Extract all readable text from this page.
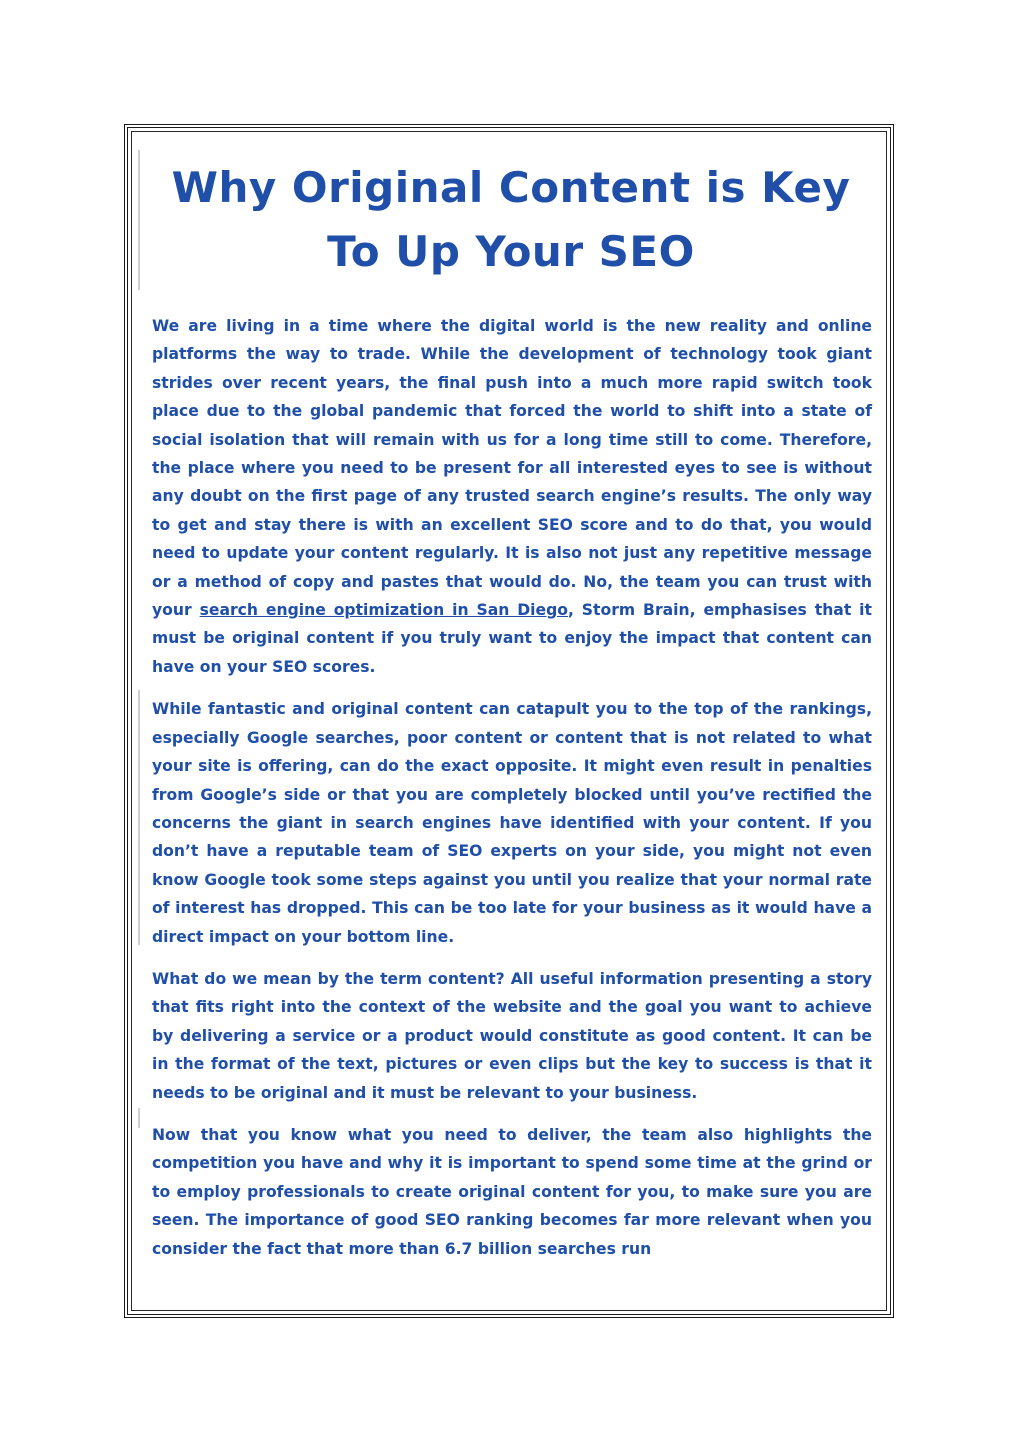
Why Original Content is Key
To Up Your SEO

We are living in a time where the digital world is the new reality and online platforms the way to trade. While the development of technology took giant strides over recent years, the final push into a much more rapid switch took place due to the global pandemic that forced the world to shift into a state of social isolation that will remain with us for a long time still to come. Therefore, the place where you need to be present for all interested eyes to see is without any doubt on the first page of any trusted search engine’s results. The only way to get and stay there is with an excellent SEO score and to do that, you would need to update your content regularly. It is also not just any repetitive message or a method of copy and pastes that would do. No, the team you can trust with your search engine optimization in San Diego, Storm Brain, emphasises that it must be original content if you truly want to enjoy the impact that content can have on your SEO scores.

While fantastic and original content can catapult you to the top of the rankings, especially Google searches, poor content or content that is not related to what your site is offering, can do the exact opposite. It might even result in penalties from Google’s side or that you are completely blocked until you’ve rectified the concerns the giant in search engines have identified with your content. If you don’t have a reputable team of SEO experts on your side, you might not even know Google took some steps against you until you realize that your normal rate of interest has dropped. This can be too late for your business as it would have a direct impact on your bottom line.

What do we mean by the term content? All useful information presenting a story that fits right into the context of the website and the goal you want to achieve by delivering a service or a product would constitute as good content. It can be in the format of the text, pictures or even clips but the key to success is that it needs to be original and it must be relevant to your business.

Now that you know what you need to deliver, the team also highlights the competition you have and why it is important to spend some time at the grind or to employ professionals to create original content for you, to make sure you are seen. The importance of good SEO ranking becomes far more relevant when you consider the fact that more than 6.7 billion searches run
